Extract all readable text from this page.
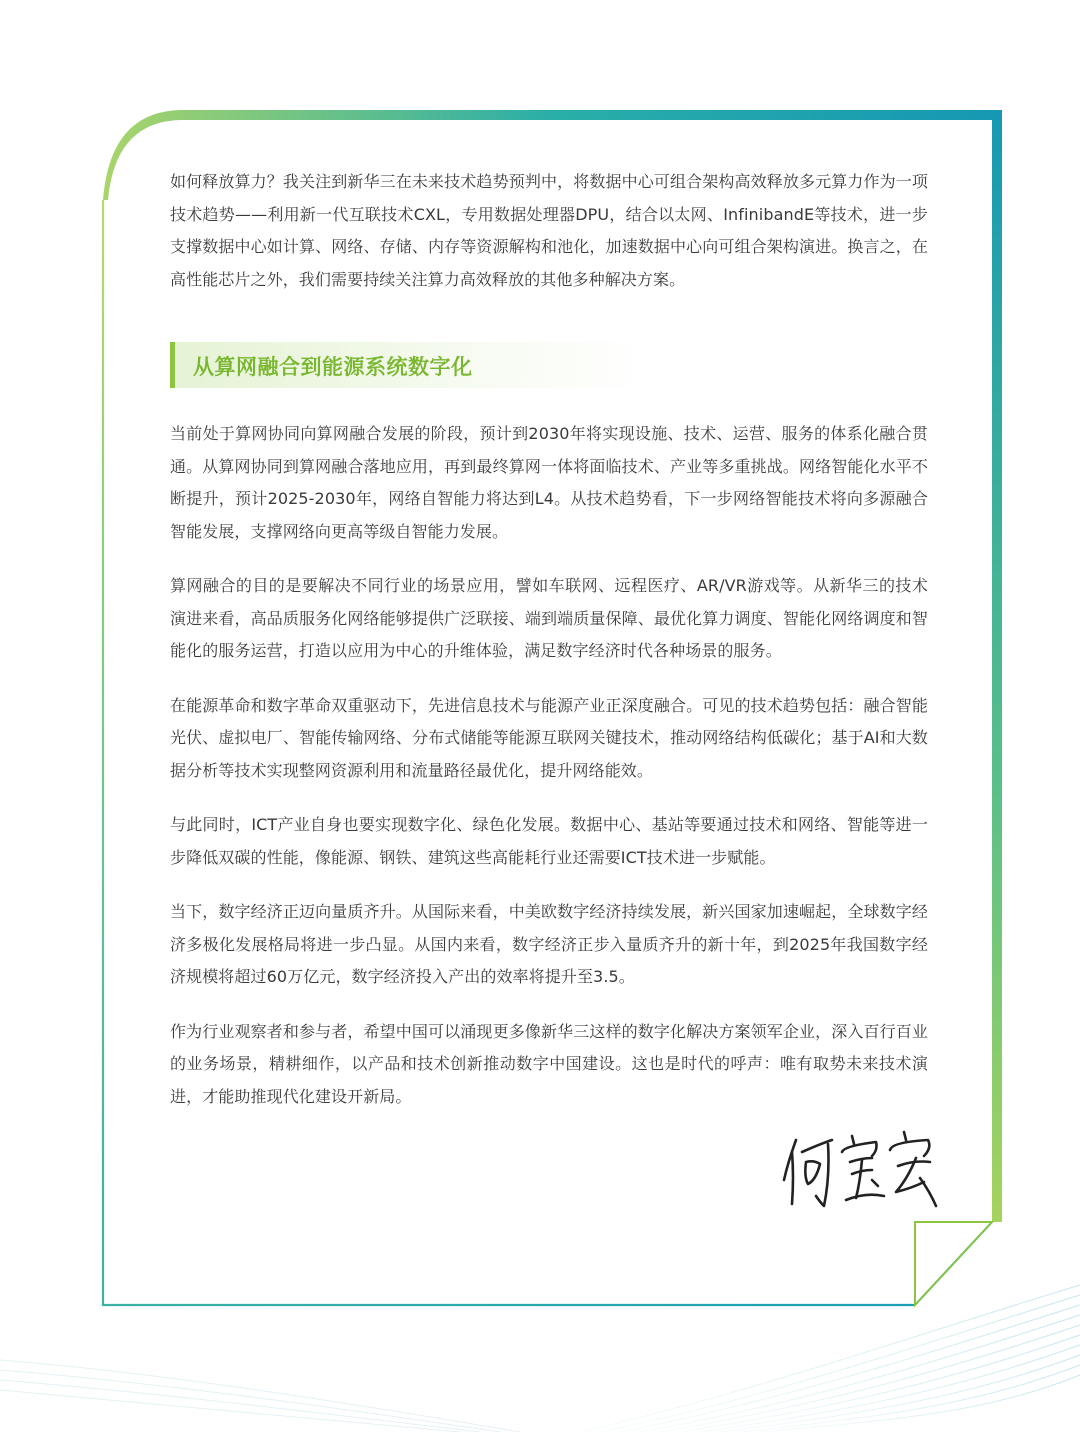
如何释放算力？我关注到新华三在未来技术趋势预判中，将数据中心可组合架构高效释放多元算力作为一项技术趋势——利用新一代互联技术CXL，专用数据处理器DPU，结合以太网、InfinibandE等技术，进一步支撑数据中心如计算、网络、存储、内存等资源解构和池化，加速数据中心向可组合架构演进。换言之，在高性能芯片之外，我们需要持续关注算力高效释放的其他多种解决方案。

从算网融合到能源系统数字化

当前处于算网协同向算网融合发展的阶段，预计到2030年将实现设施、技术、运营、服务的体系化融合贯通。从算网协同到算网融合落地应用，再到最终算网一体将面临技术、产业等多重挑战。网络智能化水平不断提升，预计2025-2030年，网络自智能力将达到L4。从技术趋势看，下一步网络智能技术将向多源融合智能发展，支撑网络向更高等级自智能力发展。

算网融合的目的是要解决不同行业的场景应用，譬如车联网、远程医疗、AR/VR游戏等。从新华三的技术演进来看，高品质服务化网络能够提供广泛联接、端到端质量保障、最优化算力调度、智能化网络调度和智能化的服务运营，打造以应用为中心的升维体验，满足数字经济时代各种场景的服务。

在能源革命和数字革命双重驱动下，先进信息技术与能源产业正深度融合。可见的技术趋势包括：融合智能光伏、虚拟电厂、智能传输网络、分布式储能等能源互联网关键技术，推动网络结构低碳化；基于AI和大数据分析等技术实现整网资源利用和流量路径最优化，提升网络能效。

与此同时，ICT产业自身也要实现数字化、绿色化发展。数据中心、基站等要通过技术和网络、智能等进一步降低双碳的性能，像能源、钢铁、建筑这些高能耗行业还需要ICT技术进一步赋能。

当下，数字经济正迈向量质齐升。从国际来看，中美欧数字经济持续发展，新兴国家加速崛起，全球数字经济多极化发展格局将进一步凸显。从国内来看，数字经济正步入量质齐升的新十年，到2025年我国数字经济规模将超过60万亿元，数字经济投入产出的效率将提升至3.5。

作为行业观察者和参与者，希望中国可以涌现更多像新华三这样的数字化解决方案领军企业，深入百行百业的业务场景，精耕细作，以产品和技术创新推动数字中国建设。这也是时代的呼声：唯有取势未来技术演进，才能助推现代化建设开新局。
